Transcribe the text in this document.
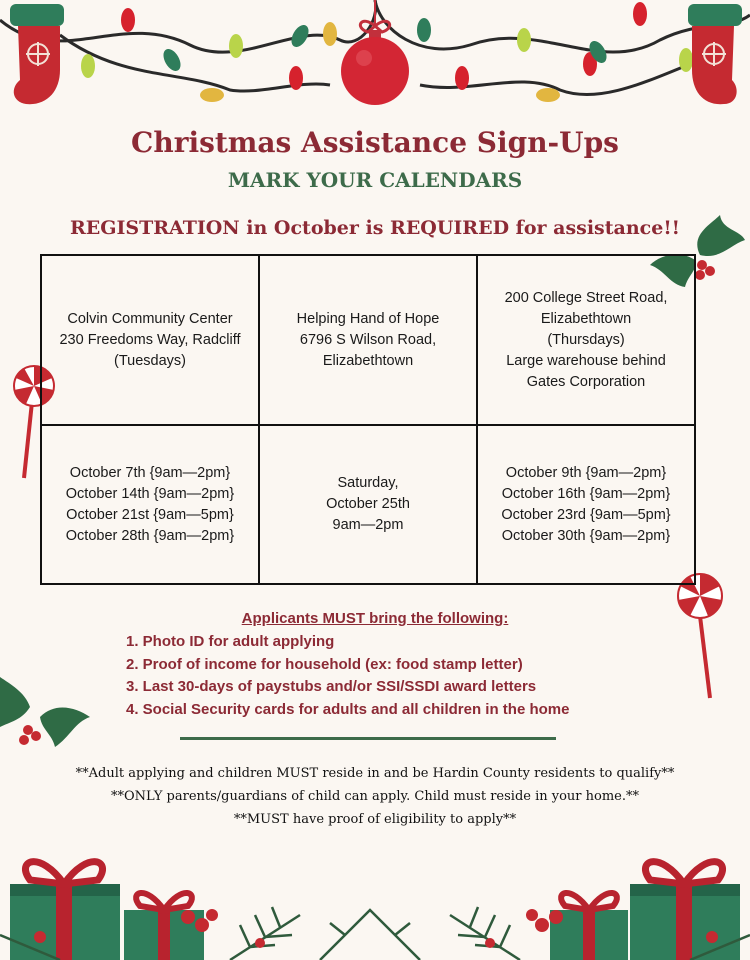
Christmas Assistance Sign-Ups
MARK YOUR CALENDARS
REGISTRATION in October is REQUIRED for assistance!!
Colvin Community Center
230 Freedoms Way, Radcliff
(Tuesdays)
Helping Hand of Hope
6796 S Wilson Road,
Elizabethtown
200 College Street Road,
Elizabethtown
(Thursdays)
Large warehouse behind
Gates Corporation
October 7th {9am—2pm}
October 14th {9am—2pm}
October 21st {9am—5pm}
October 28th {9am—2pm}
Saturday,
October 25th
9am—2pm
October 9th {9am—2pm}
October 16th {9am—2pm}
October 23rd {9am—5pm}
October 30th {9am—2pm}
Applicants MUST bring the following:
1. Photo ID for adult applying
2. Proof of income for household (ex: food stamp letter)
3. Last 30-days of paystubs and/or SSI/SSDI award letters
4. Social Security cards for adults and all children in the home
**Adult applying and children MUST reside in and be Hardin County residents to qualify**
**ONLY parents/guardians of child can apply. Child must reside in your home.**
**MUST have proof of eligibility to apply**
